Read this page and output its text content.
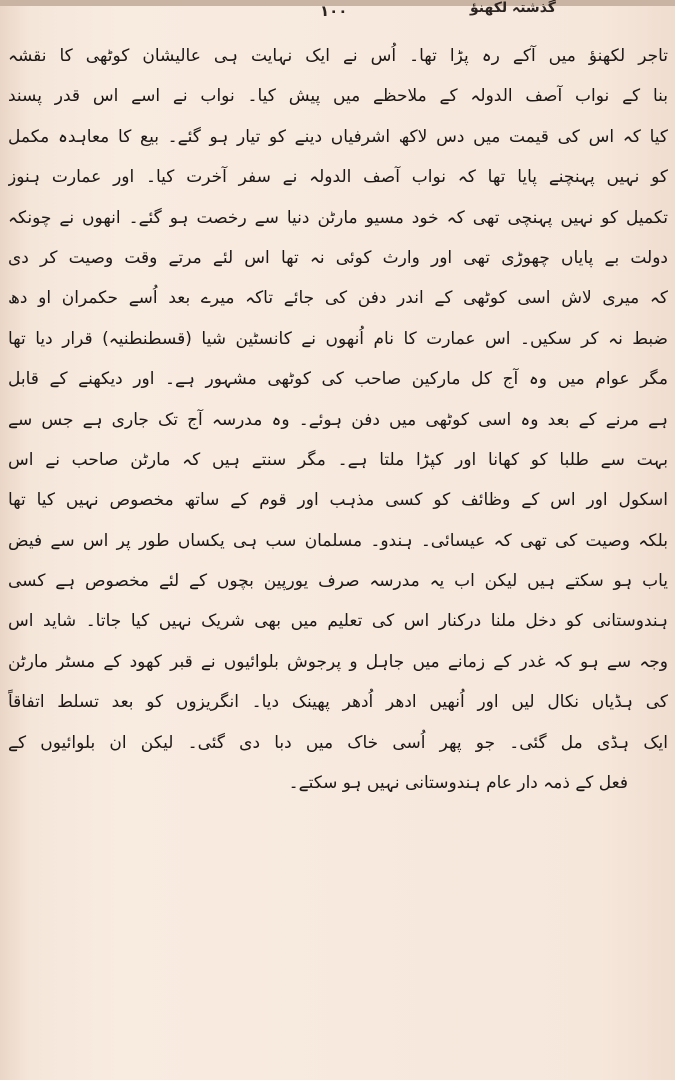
۱۰۰	گذشتہ لکھنؤ
تاجر لکھنؤ میں آکے رہ پڑا تھا۔ اُس نے ایک نہایت ہی عالیشان کوٹھی کا نقشہ
بنا کے نواب آصف الدولہ کے ملاحظے میں پیش کیا۔ نواب نے اسے اس قدر پسند
کیا کہ اس کی قیمت میں دس لاکھ اشرفیاں دینے کو تیار ہو گئے۔ بیع کا معاہدہ مکمل
کو نہیں پہنچنے پایا تھا کہ نواب آصف الدولہ نے سفر آخرت کیا۔ اور عمارت ہنوز
تکمیل کو نہیں پہنچی تھی کہ خود مسیو مارٹن دنیا سے رخصت ہو گئے۔ انھوں نے چونکہ
دولت بے پایاں چھوڑی تھی اور وارث کوئی نہ تھا اس لئے مرتے وقت وصیت کر دی
کہ میری لاش اسی کوٹھی کے اندر دفن کی جائے تاکہ میرے بعد اُسے حکمران او دھ
ضبط نہ کر سکیں۔ اس عمارت کا نام اُنھوں نے کانسٹین شیا (قسطنطنیہ) قرار دیا تھا
مگر عوام میں وہ آج کل مارکین صاحب کی کوٹھی مشہور ہے۔ اور دیکھنے کے قابل
ہے مرنے کے بعد وہ اسی کوٹھی میں دفن ہوئے۔ وہ مدرسہ آج تک جاری ہے جس سے
بہت سے طلبا کو کھانا اور کپڑا ملتا ہے۔ مگر سنتے ہیں کہ مارٹن صاحب نے اس
اسکول اور اس کے وظائف کو کسی مذہب اور قوم کے ساتھ مخصوص نہیں کیا تھا
بلکہ وصیت کی تھی کہ عیسائی۔ ہندو۔ مسلمان سب ہی یکساں طور پر اس سے فیض
یاب ہو سکتے ہیں لیکن اب یہ مدرسہ صرف یورپین بچوں کے لئے مخصوص ہے کسی
ہندوستانی کو دخل ملنا درکنار اس کی تعلیم میں بھی شریک نہیں کیا جاتا۔ شاید اس
وجہ سے ہو کہ غدر کے زمانے میں جاہل و پرجوش بلوائیوں نے قبر کھود کے مسٹر مارٹن
کی ہڈیاں نکال لیں اور اُنھیں ادھر اُدھر پھینک دیا۔ انگریزوں کو بعد تسلط اتفاقاً
ایک ہڈی مل گئی۔ جو پھر اُسی خاک میں دبا دی گئی۔ لیکن ان بلوائیوں کے
فعل کے ذمہ دار عام ہندوستانی نہیں ہو سکتے۔
